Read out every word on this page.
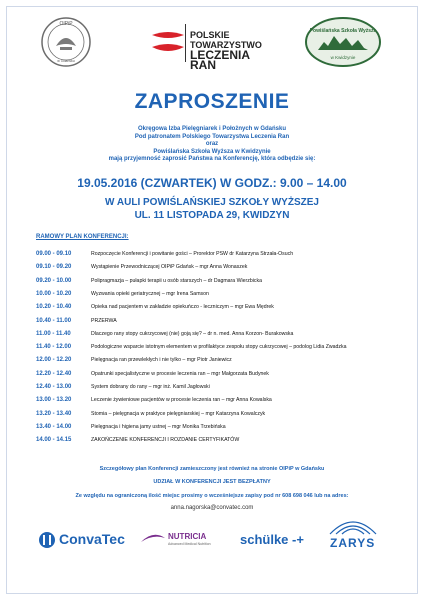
OIPiP
w Gdańsku
POLSKIE TOWARZYSTWO
LECZENIA RAN
Powiślańska Szkoła Wyższa
w Kwidzynie
ZAPROSZENIE
Okręgowa Izba Pielęgniarek i Położnych w Gdańsku
Pod patronatem Polskiego Towarzystwa Leczenia Ran
oraz
Powiślańska Szkoła Wyższa w Kwidzynie
mają przyjemność zaprosić Państwa na Konferencję, która odbędzie się:
19.05.2016 (CZWARTEK) W GODZ.: 9.00 – 14.00
W AULI POWIŚLAŃSKIEJ SZKOŁY WYŻSZEJ
UL. 11 LISTOPADA 29, KWIDZYN
RAMOWY PLAN KONFERENCJI:
09.00 - 09.10	Rozpoczęcie Konferencji i powitanie gości – Prorektor PSW dr Katarzyna Strzała-Osuch
09.10 - 09.20	Wystąpienie Przewodniczącej OIPiP Gdańsk – mgr Anna Wonaszek
09.20 - 10.00	Polipragmazja – pułapki terapii u osób starszych – dr Dagmara Wierzbicka
10.00 - 10.20	Wyzwania opieki geriatrycznej – mgr Irena Samson
10.20 - 10.40	Opieka nad pacjentem w zakładzie opiekuńczo - leczniczym – mgr Ewa Mędrek
10.40 - 11.00	PRZERWA
11.00 - 11.40	Dlaczego rany stopy cukrzycowej (nie) goją się? – dr n. med. Anna Korzon- Burakowska
11.40 - 12.00	Podologiczne wsparcie istotnym elementem w profilaktyce zespołu stopy cukrzycowej – podolog Lidia Zwadzka
12.00 - 12.20	Pielęgnacja ran przewlekłych i nie tylko – mgr Piotr Janiewicz
12.20 - 12.40	Opatrunki specjalistyczne w procesie leczenia ran – mgr Małgorzata Budynek
12.40 - 13.00	System dobrany do rany – mgr inż. Kamil Jagłowski
13.00 - 13.20	Leczenie żywieniowe pacjentów w procesie leczenia ran – mgr Anna Kowalska
13.20 - 13.40	Stomia – pielęgnacja w praktyce pielęgniarskiej – mgr Katarzyna Kowalczyk
13.40 - 14.00	Pielęgnacja i higiena jamy ustnej – mgr Monika Trzebińska
14.00 - 14.15	ZAKOŃCZENIE KONFERENCJI I ROZDANIE CERTYFIKATÓW
Szczegółowy plan Konferencji zamieszczony jest również na stronie OIPiP w Gdańsku
UDZIAŁ W KONFERENCJI JEST BEZPŁATNY
Ze względu na ograniczoną ilość miejsc prosimy o wcześniejsze zapisy pod nr 608 698 046 lub na adres:
anna.nagorska@convatec.com
ConvaTec	NUTRICIA
Advanced Medical Nutrition schülke -+ ZARYS
